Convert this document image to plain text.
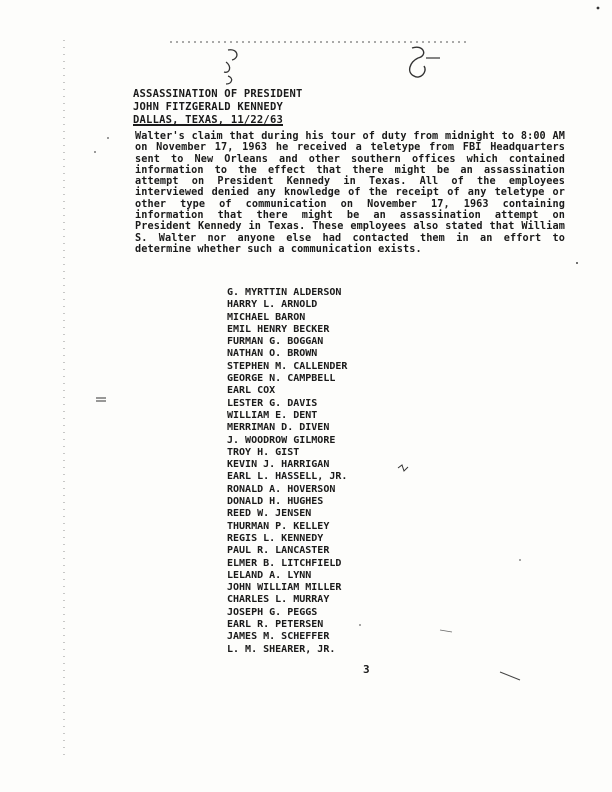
ASSASSINATION OF PRESIDENT
JOHN FITZGERALD KENNEDY
DALLAS, TEXAS, 11/22/63

Walter's claim that during his tour of duty from midnight to 8:00 AM on November 17, 1963 he received a teletype from FBI Headquarters sent to New Orleans and other southern offices which contained information to the effect that there might be an assassination attempt on President Kennedy in Texas. All of the employees interviewed denied any knowledge of the receipt of any teletype or other type of communication on November 17, 1963 containing information that there might be an assassination attempt on President Kennedy in Texas. These employees also stated that William S. Walter nor anyone else had contacted them in an effort to determine whether such a communication exists.

G. MYRTTIN ALDERSON
HARRY L. ARNOLD
MICHAEL BARON
EMIL HENRY BECKER
FURMAN G. BOGGAN
NATHAN O. BROWN
STEPHEN M. CALLENDER
GEORGE N. CAMPBELL
EARL COX
LESTER G. DAVIS
WILLIAM E. DENT
MERRIMAN D. DIVEN
J. WOODROW GILMORE
TROY H. GIST
KEVIN J. HARRIGAN
EARL L. HASSELL, JR.
RONALD A. HOVERSON
DONALD H. HUGHES
REED W. JENSEN
THURMAN P. KELLEY
REGIS L. KENNEDY
PAUL R. LANCASTER
ELMER B. LITCHFIELD
LELAND A. LYNN
JOHN WILLIAM MILLER
CHARLES L. MURRAY
JOSEPH G. PEGGS
EARL R. PETERSEN
JAMES M. SCHEFFER
L. M. SHEARER, JR.
3
